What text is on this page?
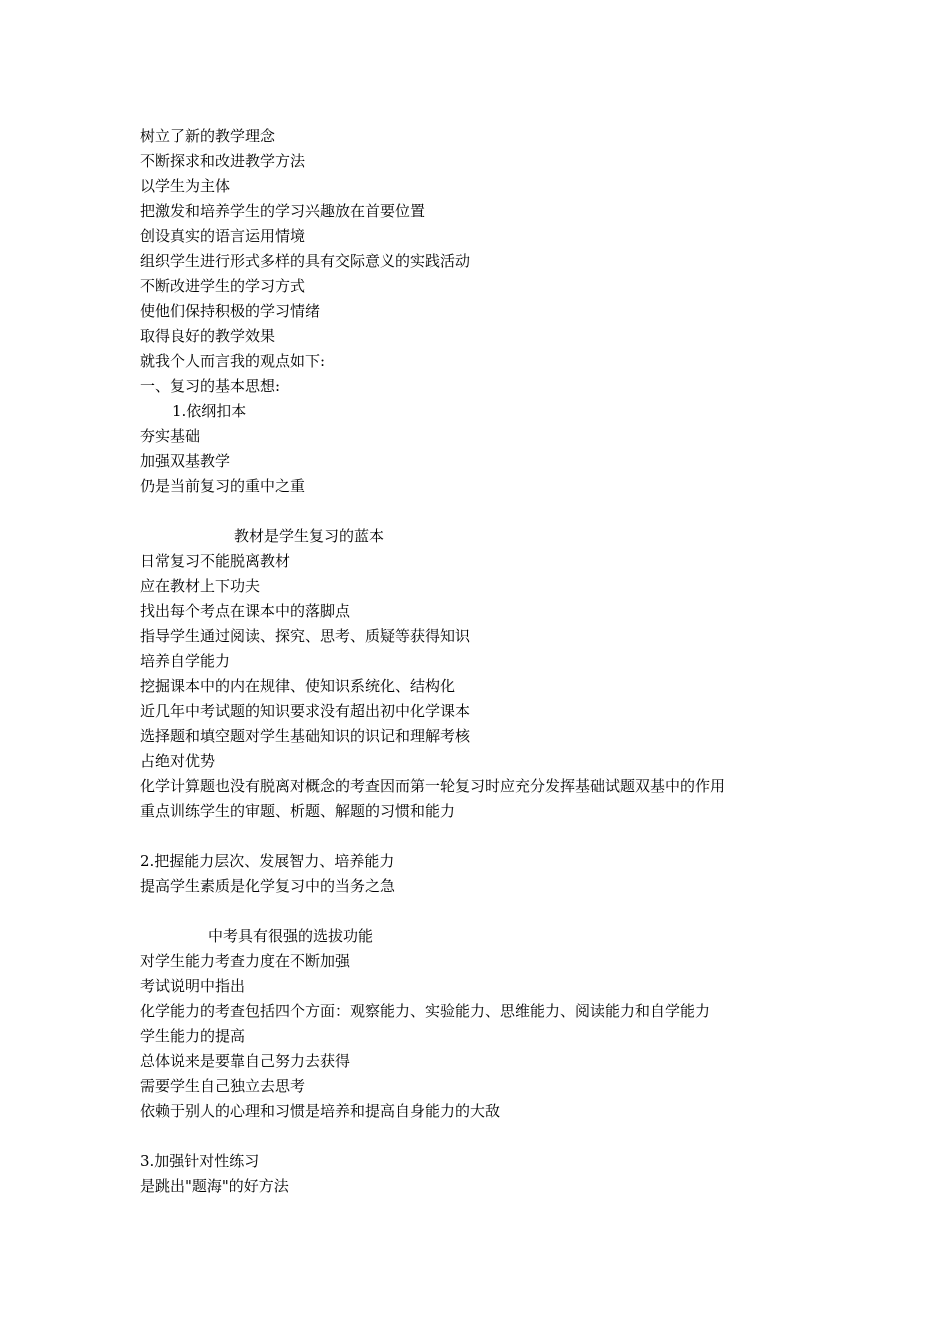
树立了新的教学理念
不断探求和改进教学方法
以学生为主体
把激发和培养学生的学习兴趣放在首要位置
创设真实的语言运用情境
组织学生进行形式多样的具有交际意义的实践活动
不断改进学生的学习方式
使他们保持积极的学习情绪
取得良好的教学效果
就我个人而言我的观点如下:
一、复习的基本思想:
1.依纲扣本
夯实基础
加强双基教学
仍是当前复习的重中之重
教材是学生复习的蓝本
日常复习不能脱离教材
应在教材上下功夫
找出每个考点在课本中的落脚点
指导学生通过阅读、探究、思考、质疑等获得知识
培养自学能力
挖掘课本中的内在规律、使知识系统化、结构化
近几年中考试题的知识要求没有超出初中化学课本
选择题和填空题对学生基础知识的识记和理解考核
占绝对优势
化学计算题也没有脱离对概念的考查因而第一轮复习时应充分发挥基础试题双基中的作用
重点训练学生的审题、析题、解题的习惯和能力
2.把握能力层次、发展智力、培养能力
提高学生素质是化学复习中的当务之急
中考具有很强的选拔功能
对学生能力考查力度在不断加强
考试说明中指出
化学能力的考查包括四个方面：观察能力、实验能力、思维能力、阅读能力和自学能力
学生能力的提高
总体说来是要靠自己努力去获得
需要学生自己独立去思考
依赖于别人的心理和习惯是培养和提高自身能力的大敌
3.加强针对性练习
是跳出"题海"的好方法
